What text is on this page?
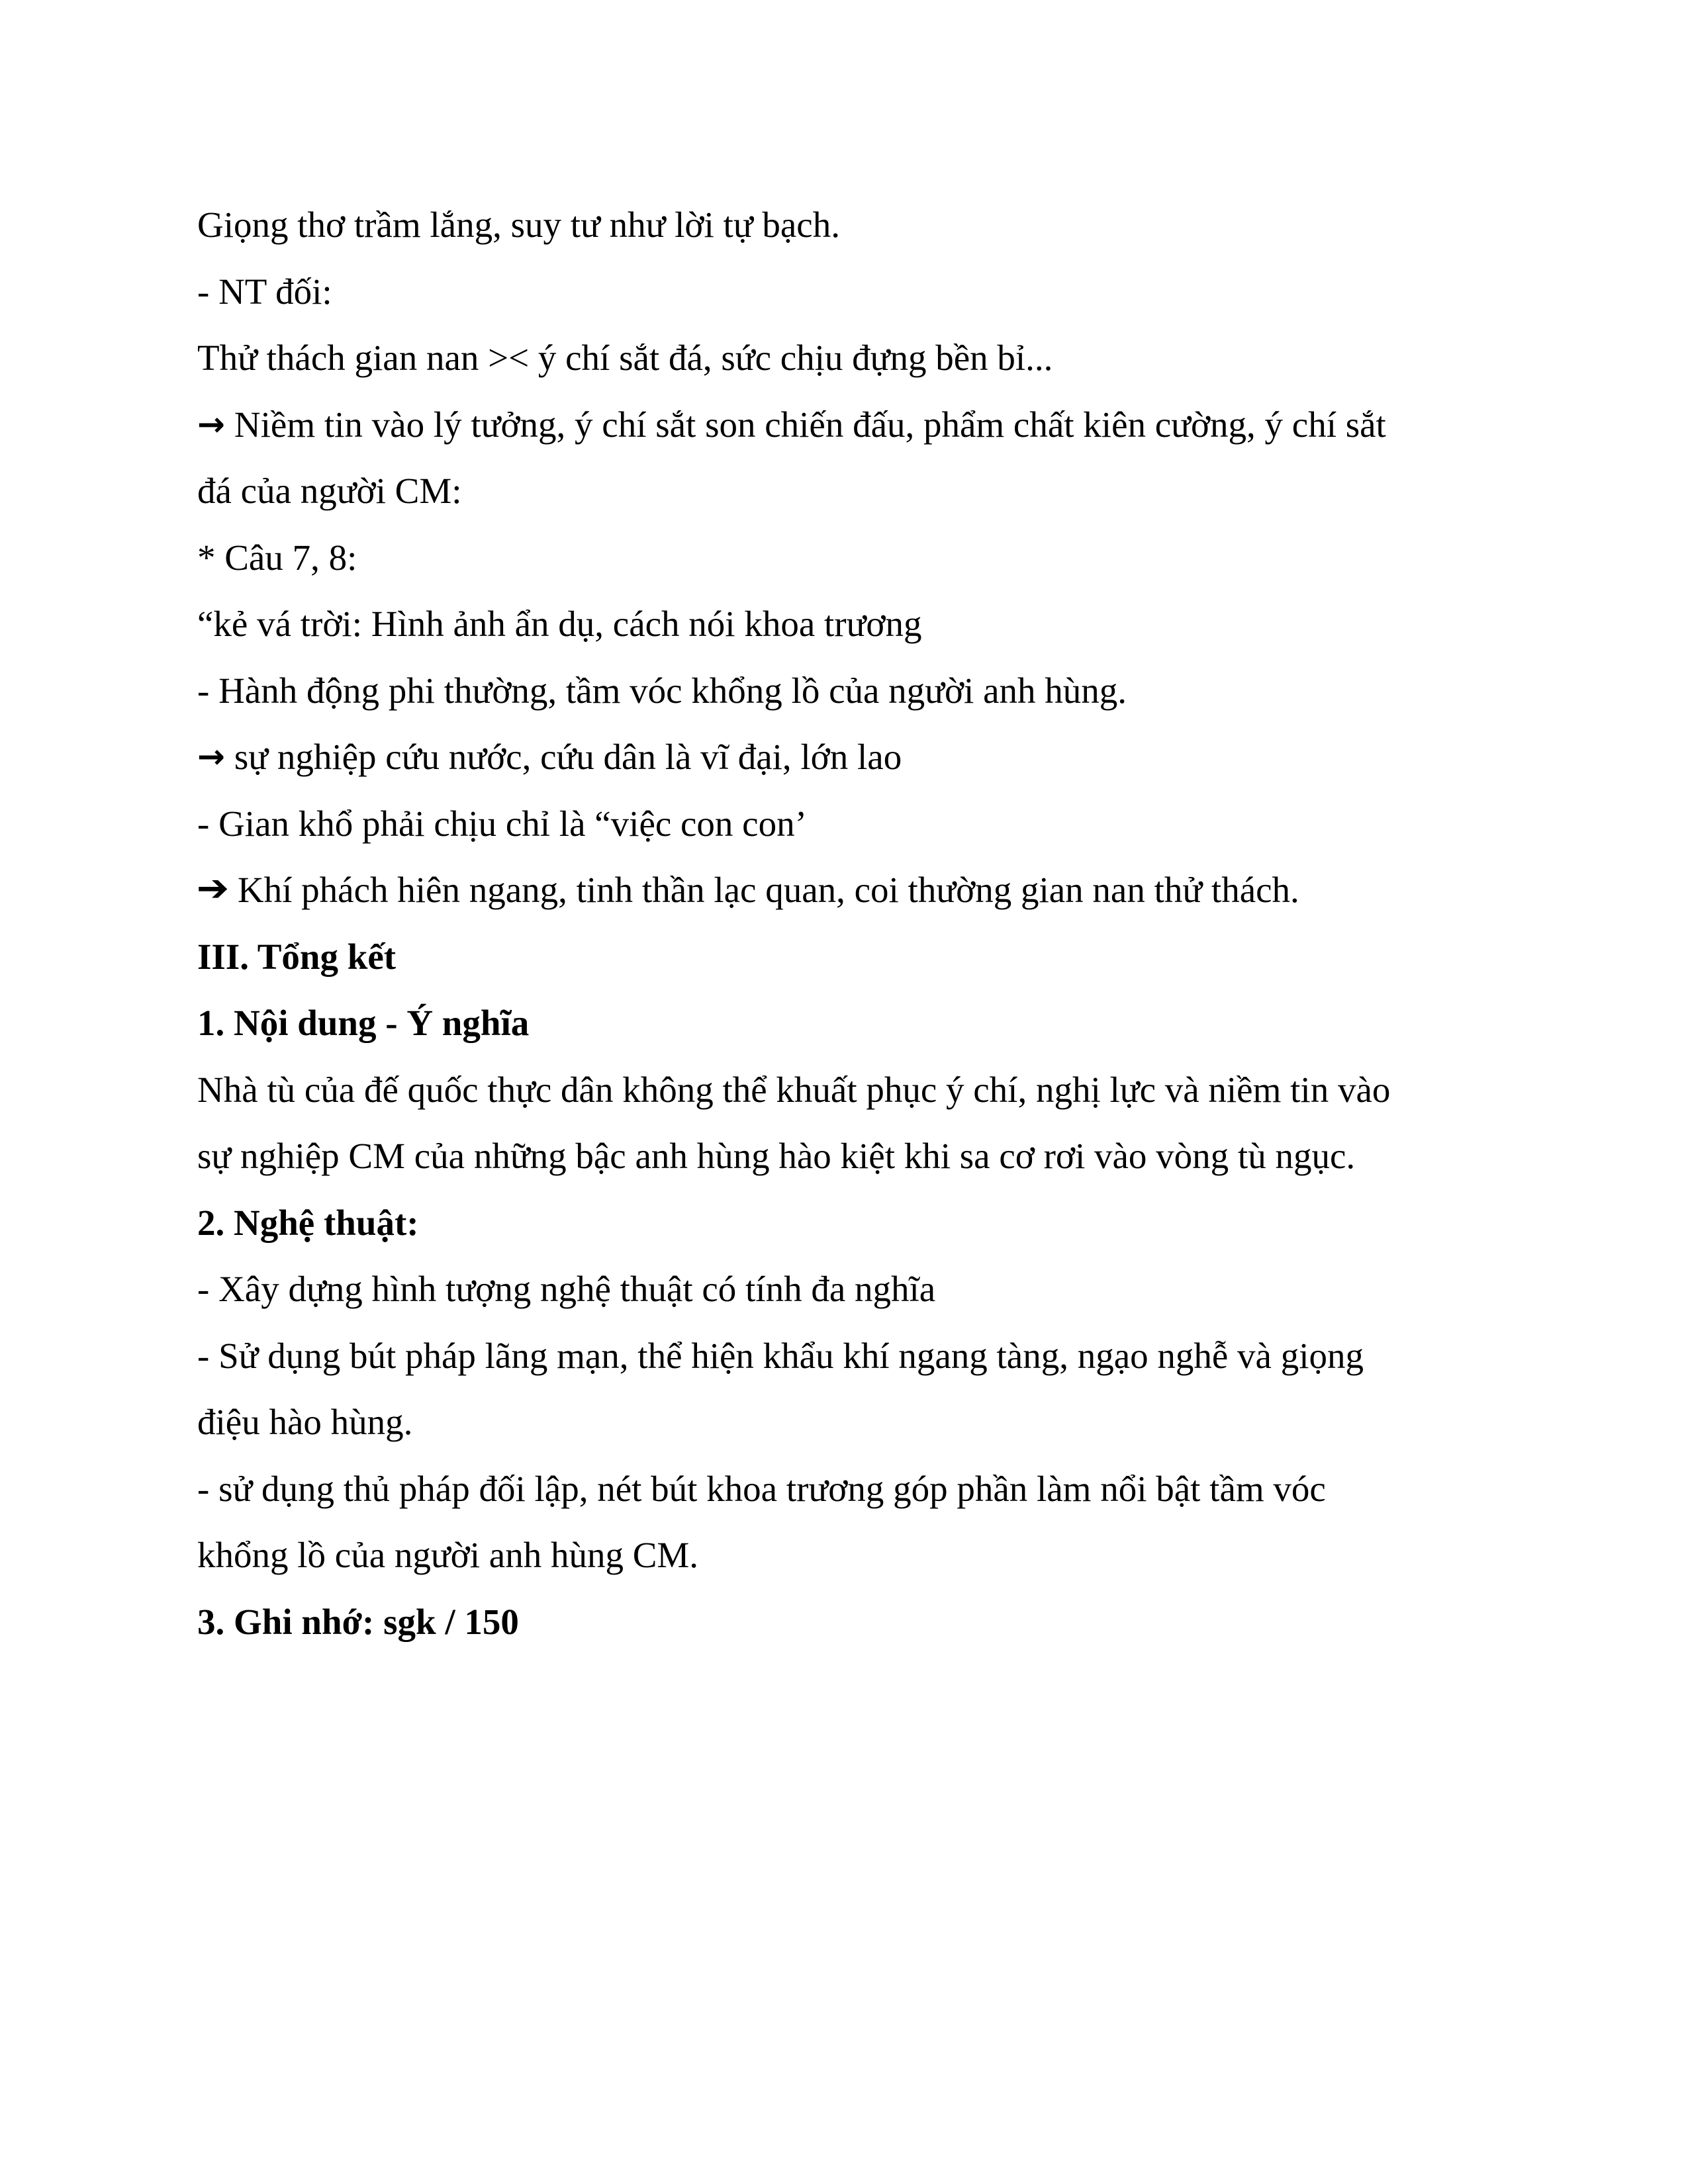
Giọng thơ trầm lắng, suy tư như lời tự bạch.
- NT đối:
Thử thách gian nan >< ý chí sắt đá, sức chịu đựng bền bỉ...
→ Niềm tin vào lý tưởng, ý chí sắt son chiến đấu, phẩm chất kiên cường, ý chí sắt
đá của người CM:
* Câu 7, 8:
“kẻ vá trời: Hình ảnh ẩn dụ, cách nói khoa trương
- Hành động phi thường, tầm vóc khổng lồ của người anh hùng.
→ sự nghiệp cứu nước, cứu dân là vĩ đại, lớn lao
- Gian khổ phải chịu chỉ là “việc con con’
➔ Khí phách hiên ngang, tinh thần lạc quan, coi thường gian nan thử thách.
III. Tổng kết
1. Nội dung - Ý nghĩa
Nhà tù của đế quốc thực dân không thể khuất phục ý chí, nghị lực và niềm tin vào
sự nghiệp CM của những bậc anh hùng hào kiệt khi sa cơ rơi vào vòng tù ngục.
2. Nghệ thuật:
- Xây dựng hình tượng nghệ thuật có tính đa nghĩa
- Sử dụng bút pháp lãng mạn, thể hiện khẩu khí ngang tàng, ngạo nghễ và giọng
điệu hào hùng.
- sử dụng thủ pháp đối lập, nét bút khoa trương góp phần làm nổi bật tầm vóc
khổng lồ của người anh hùng CM.
3. Ghi nhớ: sgk / 150
